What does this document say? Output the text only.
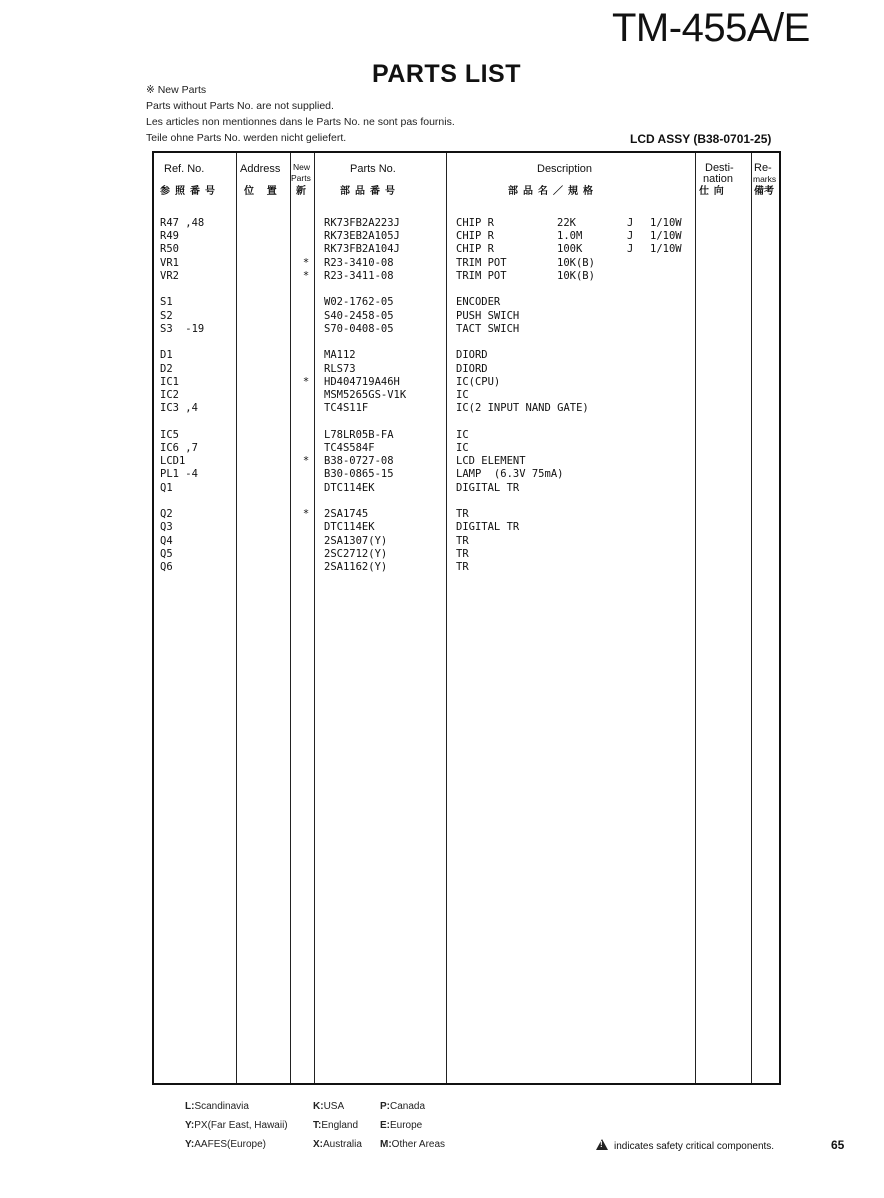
TM-455A/E
PARTS LIST
※ New Parts
Parts without Parts No. are not supplied.
Les articles non mentionnes dans le Parts No. ne sont pas fournis.
Teile ohne Parts No. werden nicht geliefert.	LCD ASSY (B38-0701-25)
Ref. No.
参照番号
Address
位 置
New
Parts
新
Parts No.
部品番号
Description
部品名／規格
Desti-
nation
仕 向
Re-
marks
備考
R47 ,48	RK73FB2A223J	CHIP R	22K	J 1/10W
R49	RK73EB2A105J	CHIP R	1.0M	J 1/10W
R50	RK73FB2A104J	CHIP R	100K	J 1/10W
VR1	* R23-3410-08	TRIM POT	10K(B)
VR2	* R23-3411-08	TRIM POT	10K(B)
S1	W02-1762-05	ENCODER
S2	S40-2458-05	PUSH SWICH
S3  -19	S70-0408-05	TACT SWICH
D1	MA112	DIORD
D2	RLS73	DIORD
IC1	* HD404719A46H	IC(CPU)
IC2	MSM5265GS-V1K	IC
IC3 ,4	TC4S11F	IC(2 INPUT NAND GATE)
IC5	L78LR05B-FA	IC
IC6 ,7	TC4S584F	IC
LCD1	* B38-0727-08	LCD ELEMENT
PL1 -4	B30-0865-15	LAMP  (6.3V 75mA)
Q1	DTC114EK	DIGITAL TR
Q2	* 2SA1745	TR
Q3	DTC114EK	DIGITAL TR
Q4	2SA1307(Y)	TR
Q5	2SC2712(Y)	TR
Q6	2SA1162(Y)	TR
L:Scandinavia
Y:PX(Far East, Hawaii)
Y:AAFES(Europe)
K:USA
T:England
X:Australia
P:Canada
E:Europe
M:Other Areas
!	indicates safety critical components.	65
